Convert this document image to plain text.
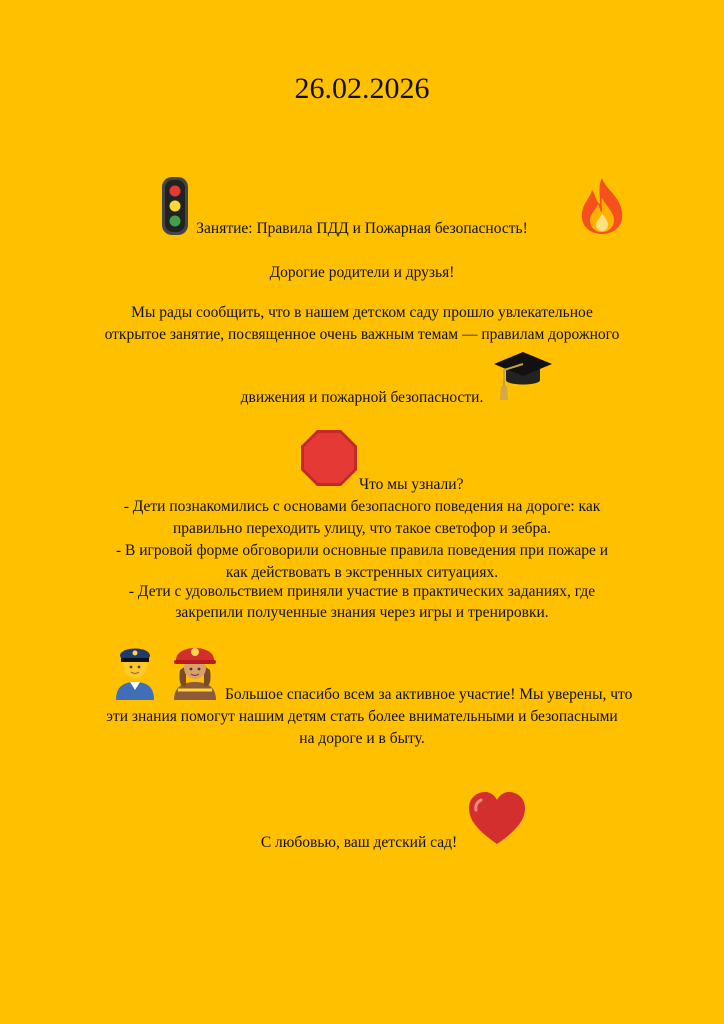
26.02.2026
Занятие: Правила ПДД и Пожарная безопасность!
Дорогие родители и друзья!
Мы рады сообщить, что в нашем детском саду прошло увлекательное
открытое занятие, посвященное очень важным темам — правилам дорожного
движения и пожарной безопасности.
Что мы узнали?
- Дети познакомились с основами безопасного поведения на дороге: как
правильно переходить улицу, что такое светофор и зебра.
- В игровой форме обговорили основные правила поведения при пожаре и
как действовать в экстренных ситуациях.
- Дети с удовольствием приняли участие в практических заданиях, где
закрепили полученные знания через игры и тренировки.
Большое спасибо всем за активное участие! Мы уверены, что
эти знания помогут нашим детям стать более внимательными и безопасными
на дороге и в быту.
С любовью, ваш детский сад!
